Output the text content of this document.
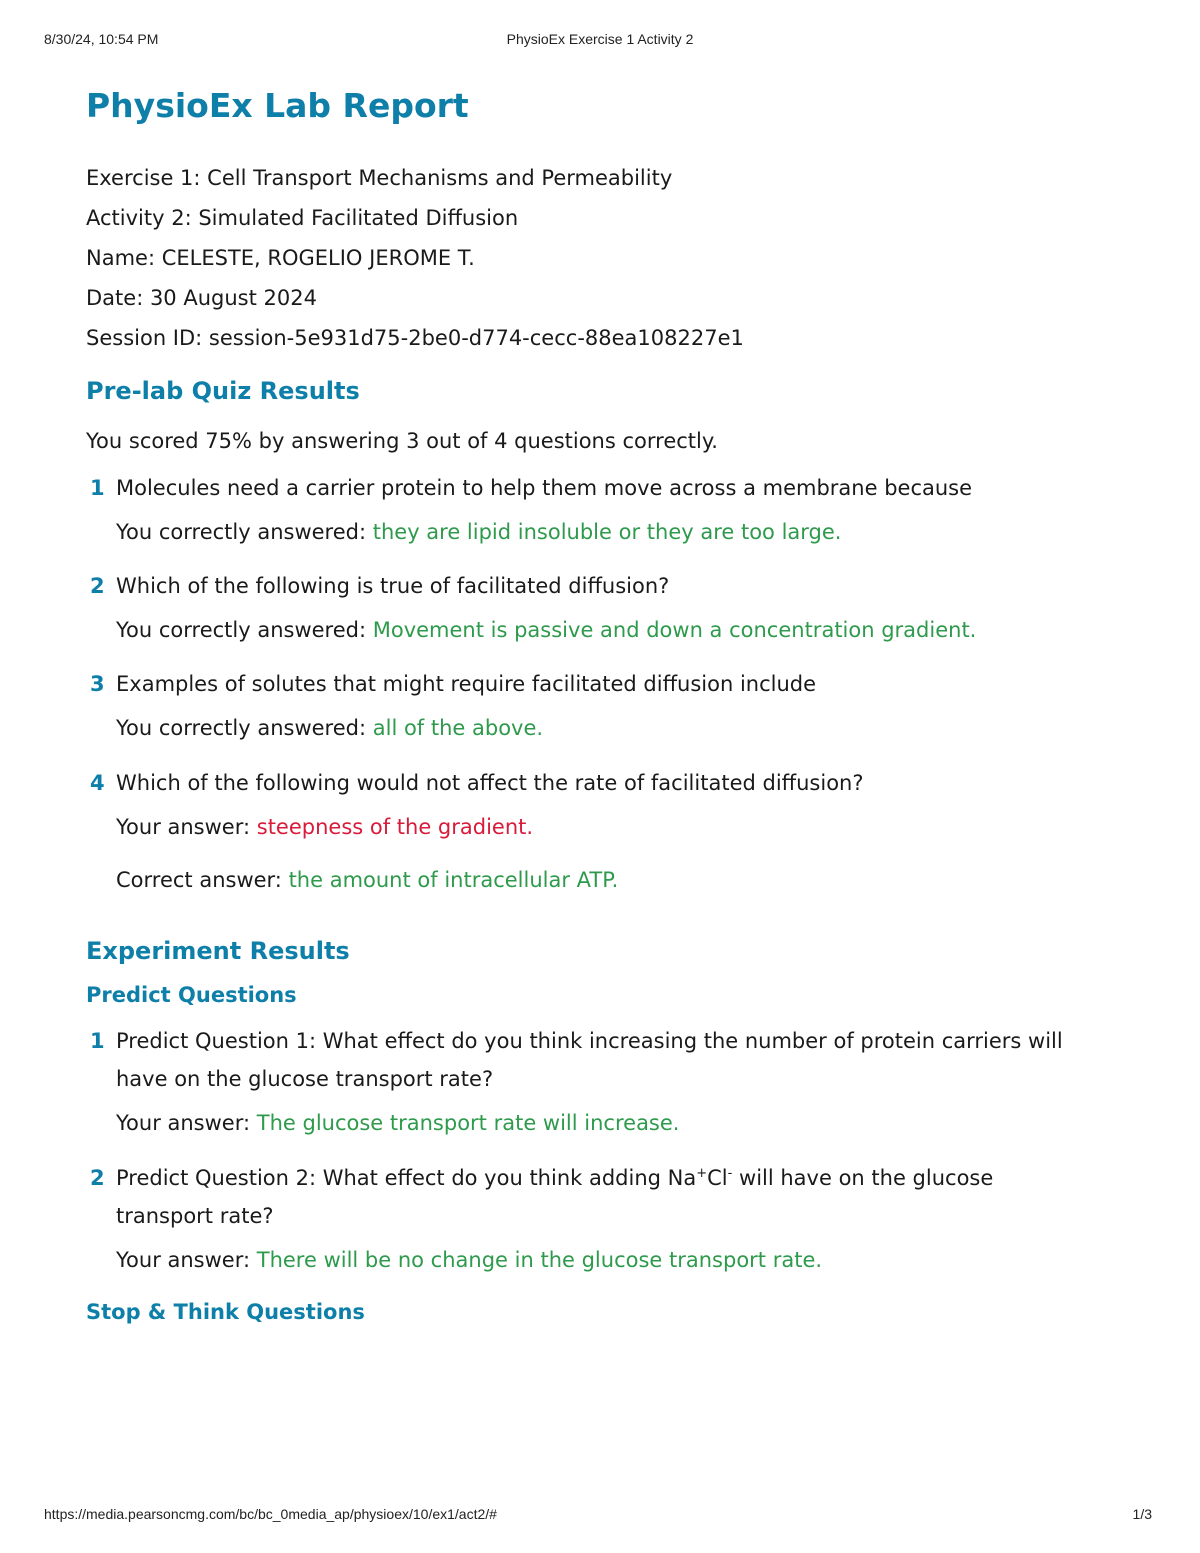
PhysioEx Exercise 1 Activity 2
8/30/24, 10:54 PM
PhysioEx Lab Report
Exercise 1: Cell Transport Mechanisms and Permeability
Activity 2: Simulated Facilitated Diffusion
Name: CELESTE, ROGELIO JEROME T.
Date: 30 August 2024
Session ID: session-5e931d75-2be0-d774-cecc-88ea108227e1
Pre-lab Quiz Results
You scored 75% by answering 3 out of 4 questions correctly.
1 Molecules need a carrier protein to help them move across a membrane because
You correctly answered: they are lipid insoluble or they are too large.
2 Which of the following is true of facilitated diffusion?
You correctly answered: Movement is passive and down a concentration gradient.
3 Examples of solutes that might require facilitated diffusion include
You correctly answered: all of the above.
4 Which of the following would not affect the rate of facilitated diffusion?
Your answer: steepness of the gradient.
Correct answer: the amount of intracellular ATP.
Experiment Results
Predict Questions
1 Predict Question 1: What effect do you think increasing the number of protein carriers will
have on the glucose transport rate?
Your answer: The glucose transport rate will increase.
2 Predict Question 2: What effect do you think adding Na+Cl- will have on the glucose
transport rate?
Your answer: There will be no change in the glucose transport rate.
Stop & Think Questions
https://media.pearsoncmg.com/bc/bc_0media_ap/physioex/10/ex1/act2/#	1/3
